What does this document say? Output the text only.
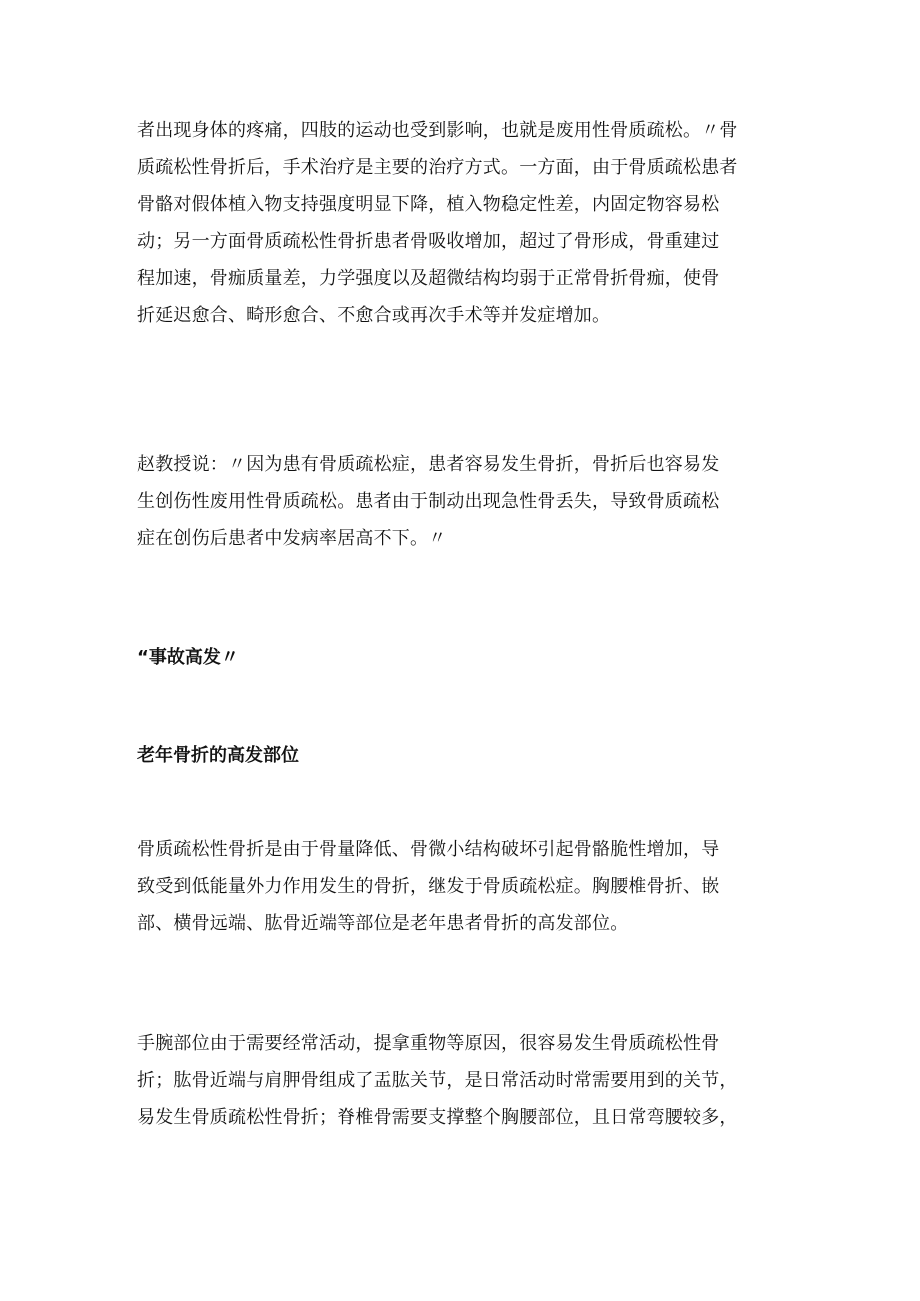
者出现身体的疼痛，四肢的运动也受到影响，也就是废用性骨质疏松。〃骨
质疏松性骨折后，手术治疗是主要的治疗方式。一方面，由于骨质疏松患者
骨骼对假体植入物支持强度明显下降，植入物稳定性差，内固定物容易松
动；另一方面骨质疏松性骨折患者骨吸收增加，超过了骨形成，骨重建过
程加速，骨痂质量差，力学强度以及超微结构均弱于正常骨折骨痂，使骨
折延迟愈合、畸形愈合、不愈合或再次手术等并发症增加。

赵教授说：〃因为患有骨质疏松症，患者容易发生骨折，骨折后也容易发
生创伤性废用性骨质疏松。患者由于制动出现急性骨丢失，导致骨质疏松
症在创伤后患者中发病率居高不下。〃

“事故高发〃
老年骨折的高发部位

骨质疏松性骨折是由于骨量降低、骨微小结构破坏引起骨骼脆性增加，导
致受到低能量外力作用发生的骨折，继发于骨质疏松症。胸腰椎骨折、嵌
部、横骨远端、肱骨近端等部位是老年患者骨折的高发部位。

手腕部位由于需要经常活动，提拿重物等原因，很容易发生骨质疏松性骨
折；肱骨近端与肩胛骨组成了盂肱关节，是日常活动时常需要用到的关节，
易发生骨质疏松性骨折；脊椎骨需要支撑整个胸腰部位，且日常弯腰较多，
